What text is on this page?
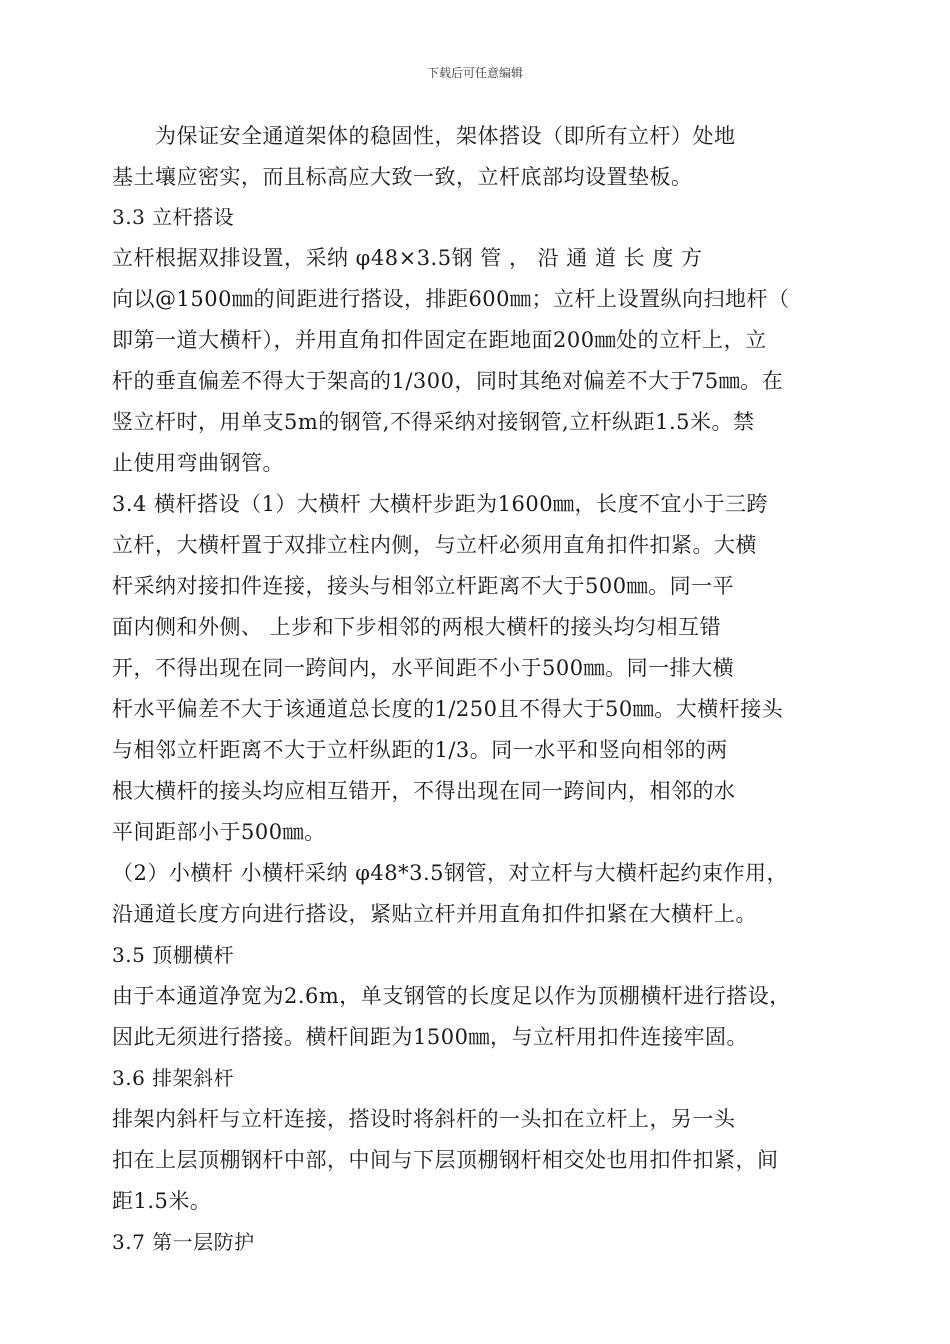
下载后可任意编辑
　　为保证安全通道架体的稳固性，架体搭设（即所有立杆）处地
基土壤应密实，而且标高应大致一致，立杆底部均设置垫板。
3.3 立杆搭设
立杆根据双排设置，采纳 φ48×3.5钢 管 ， 沿 通 道 长 度 方
向以@1500㎜的间距进行搭设，排距600㎜；立杆上设置纵向扫地杆（
即第一道大横杆），并用直角扣件固定在距地面200㎜处的立杆上，立
杆的垂直偏差不得大于架高的1/300，同时其绝对偏差不大于75㎜。在
竖立杆时，用单支5m的钢管,不得采纳对接钢管,立杆纵距1.5米。禁
止使用弯曲钢管。
3.4 横杆搭设（1）大横杆 大横杆步距为1600㎜，长度不宜小于三跨
立杆，大横杆置于双排立柱内侧，与立杆必须用直角扣件扣紧。大横
杆采纳对接扣件连接，接头与相邻立杆距离不大于500㎜。同一平
面内侧和外侧、 上步和下步相邻的两根大横杆的接头均匀相互错
开，不得出现在同一跨间内，水平间距不小于500㎜。同一排大横
杆水平偏差不大于该通道总长度的1/250且不得大于50㎜。大横杆接头
与相邻立杆距离不大于立杆纵距的1/3。同一水平和竖向相邻的两
根大横杆的接头均应相互错开，不得出现在同一跨间内，相邻的水
平间距部小于500㎜。
（2）小横杆 小横杆采纳 φ48*3.5钢管，对立杆与大横杆起约束作用，
沿通道长度方向进行搭设，紧贴立杆并用直角扣件扣紧在大横杆上。
3.5 顶棚横杆
由于本通道净宽为2.6m，单支钢管的长度足以作为顶棚横杆进行搭设，
因此无须进行搭接。横杆间距为1500㎜，与立杆用扣件连接牢固。
3.6 排架斜杆
排架内斜杆与立杆连接，搭设时将斜杆的一头扣在立杆上，另一头
扣在上层顶棚钢杆中部，中间与下层顶棚钢杆相交处也用扣件扣紧，间
距1.5米。
3.7 第一层防护
